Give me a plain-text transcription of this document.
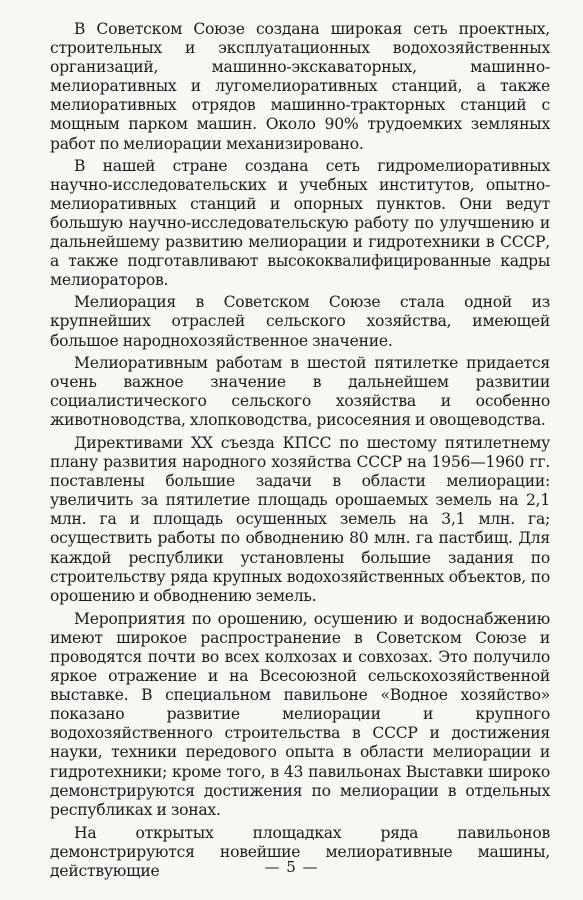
В Советском Союзе создана широкая сеть проектных, строительных и эксплуатационных водохозяйственных организаций, машинно-экскаваторных, машинно-мелиоративных и лугомелиоративных станций, а также мелиоративных отрядов машинно-тракторных станций с мощным парком машин. Около 90% трудоемких земляных работ по мелиорации механизировано.

В нашей стране создана сеть гидромелиоративных научно-исследовательских и учебных институтов, опытно-мелиоративных станций и опорных пунктов. Они ведут большую научно-исследовательскую работу по улучшению и дальнейшему развитию мелиорации и гидротехники в СССР, а также подготавливают высококвалифицированные кадры мелиораторов.

Мелиорация в Советском Союзе стала одной из крупнейших отраслей сельского хозяйства, имеющей большое народнохозяйственное значение.

Мелиоративным работам в шестой пятилетке придается очень важное значение в дальнейшем развитии социалистического сельского хозяйства и особенно животноводства, хлопководства, рисосеяния и овощеводства.

Директивами XX съезда КПСС по шестому пятилетнему плану развития народного хозяйства СССР на 1956—1960 гг. поставлены большие задачи в области мелиорации: увеличить за пятилетие площадь орошаемых земель на 2,1 млн. га и площадь осушенных земель на 3,1 млн. га; осуществить работы по обводнению 80 млн. га пастбищ. Для каждой республики установлены большие задания по строительству ряда крупных водохозяйственных объектов, по орошению и обводнению земель.

Мероприятия по орошению, осушению и водоснабжению имеют широкое распространение в Советском Союзе и проводятся почти во всех колхозах и совхозах. Это получило яркое отражение и на Всесоюзной сельскохозяйственной выставке. В специальном павильоне «Водное хозяйство» показано развитие мелиорации и крупного водохозяйственного строительства в СССР и достижения науки, техники передового опыта в области мелиорации и гидротехники; кроме того, в 43 павильонах Выставки широко демонстрируются достижения по мелиорации в отдельных республиках и зонах.

На открытых площадках ряда павильонов демонстрируются новейшие мелиоративные машины, действующие	— 5 —
